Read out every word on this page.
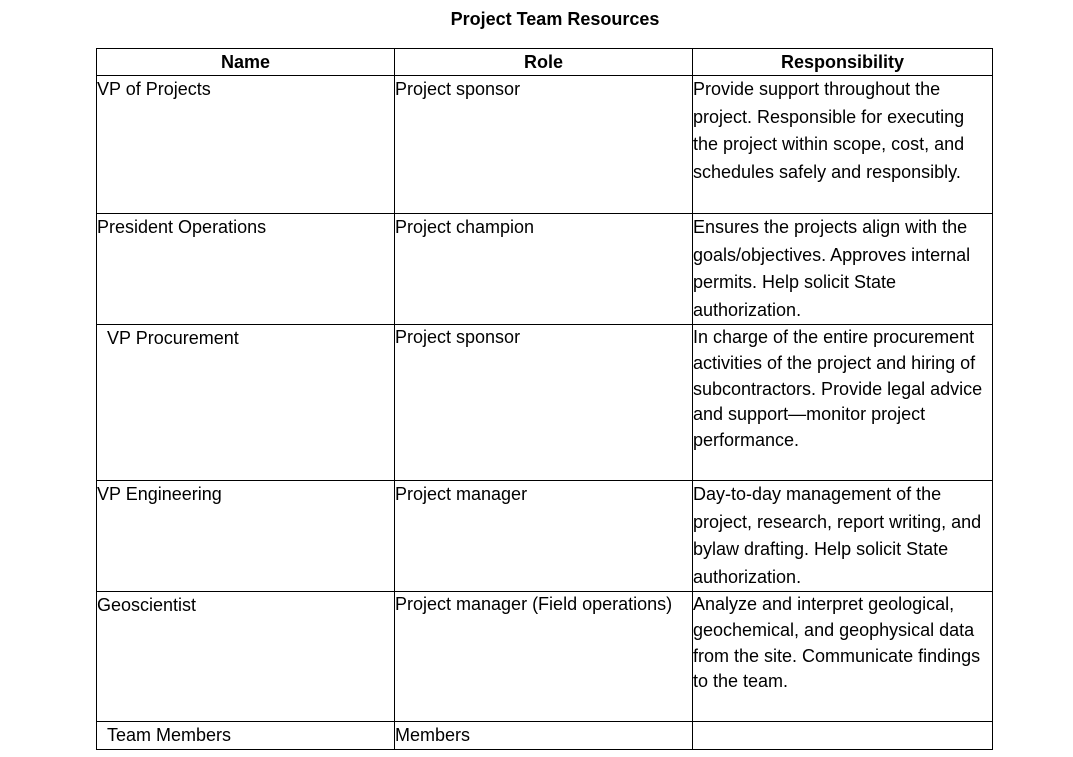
Project Team Resources
Name	Role	Responsibility
VP of Projects	Project sponsor	Provide support throughout the project. Responsible for executing the project within scope, cost, and schedules safely and responsibly.
President Operations	Project champion	Ensures the projects align with the goals/objectives. Approves internal permits. Help solicit State authorization.
VP Procurement	Project sponsor	In charge of the entire procurement activities of the project and hiring of subcontractors. Provide legal advice and support—monitor project performance.
VP Engineering	Project manager	Day-to-day management of the project, research, report writing, and bylaw drafting. Help solicit State authorization.
Geoscientist	Project manager (Field operations)	Analyze and interpret geological, geochemical, and geophysical data from the site. Communicate findings to the team.
Team Members	Members	
